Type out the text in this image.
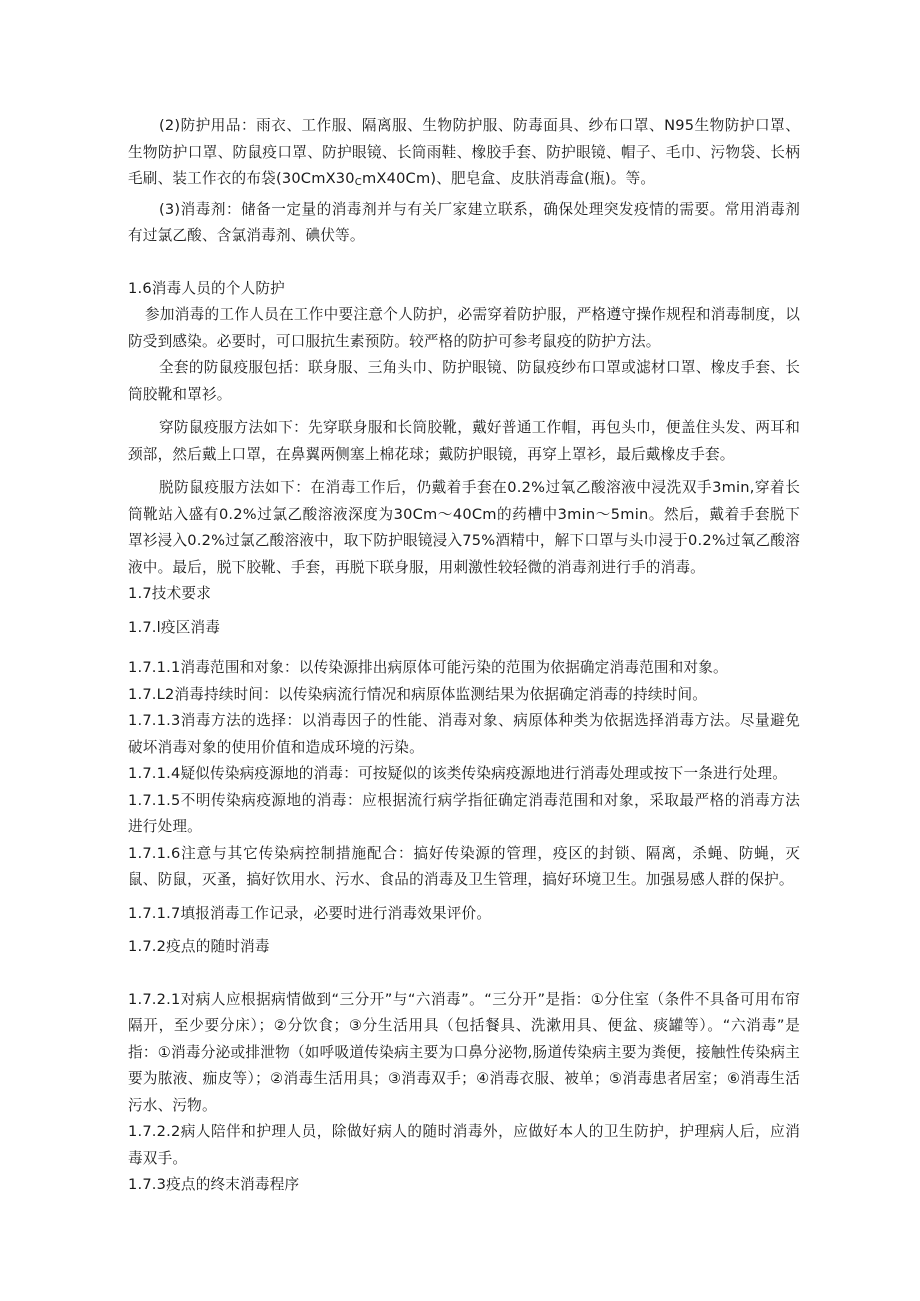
(2)防护用品：雨衣、工作服、隔离服、生物防护服、防毒面具、纱布口罩、N95生物防护口罩、生物防护口罩、防鼠疫口罩、防护眼镜、长筒雨鞋、橡胶手套、防护眼镜、帽子、毛巾、污物袋、长柄毛刷、装工作衣的布袋$(30CmX30_CmX40Cm)$、肥皂盒、皮肤消毒盒(瓶)。等。

(3)消毒剂：储备一定量的消毒剂并与有关厂家建立联系，确保处理突发疫情的需要。常用消毒剂有过氯乙酸、含氯消毒剂、碘伏等。

1.6消毒人员的个人防护

参加消毒的工作人员在工作中要注意个人防护，必需穿着防护服，严格遵守操作规程和消毒制度，以防受到感染。必要时，可口服抗生素预防。较严格的防护可参考鼠疫的防护方法。

全套的防鼠疫服包括：联身服、三角头巾、防护眼镜、防鼠疫纱布口罩或滤材口罩、橡皮手套、长筒胶靴和罩衫。

穿防鼠疫服方法如下：先穿联身服和长筒胶靴，戴好普通工作帽，再包头巾，便盖住头发、两耳和颈部，然后戴上口罩，在鼻翼两侧塞上棉花球；戴防护眼镜，再穿上罩衫，最后戴橡皮手套。

脱防鼠疫服方法如下：在消毒工作后，仍戴着手套在0.2%过氧乙酸溶液中浸洗双手3min,穿着长筒靴站入盛有0.2%过氯乙酸溶液深度为30Cm～40Cm的药槽中3min～5min。然后，戴着手套脱下罩衫浸入0.2%过氯乙酸溶液中，取下防护眼镜浸入75%酒精中，解下口罩与头巾浸于0.2%过氧乙酸溶液中。最后，脱下胶靴、手套，再脱下联身服，用刺激性较轻微的消毒剂进行手的消毒。

1.7技术要求

1.7.l疫区消毒

1.7.1.1消毒范围和对象：以传染源排出病原体可能污染的范围为依据确定消毒范围和对象。

1.7.L2消毒持续时间：以传染病流行情况和病原体监测结果为依据确定消毒的持续时间。

1.7.1.3消毒方法的选择：以消毒因子的性能、消毒对象、病原体种类为依据选择消毒方法。尽量避免破坏消毒对象的使用价值和造成环境的污染。

1.7.1.4疑似传染病疫源地的消毒：可按疑似的该类传染病疫源地进行消毒处理或按下一条进行处理。

1.7.1.5不明传染病疫源地的消毒：应根据流行病学指征确定消毒范围和对象，采取最严格的消毒方法进行处理。

1.7.1.6注意与其它传染病控制措施配合：搞好传染源的管理，疫区的封锁、隔离，杀蝇、防蝇，灭鼠、防鼠，灭蚤，搞好饮用水、污水、食品的消毒及卫生管理，搞好环境卫生。加强易感人群的保护。

1.7.1.7填报消毒工作记录，必要时进行消毒效果评价。

1.7.2疫点的随时消毒

1.7.2.1对病人应根据病情做到“三分开”与“六消毒”。“三分开”是指：①分住室（条件不具备可用布帘隔开，至少要分床）；②分饮食；③分生活用具（包括餐具、洗漱用具、便盆、痰罐等）。“六消毒”是指：①消毒分泌或排泄物（如呼吸道传染病主要为口鼻分泌物,肠道传染病主要为粪便，接触性传染病主要为脓液、痂皮等）；②消毒生活用具；③消毒双手；④消毒衣服、被单；⑤消毒患者居室；⑥消毒生活污水、污物。

1.7.2.2病人陪伴和护理人员，除做好病人的随时消毒外，应做好本人的卫生防护，护理病人后，应消毒双手。

1.7.3疫点的终末消毒程序
